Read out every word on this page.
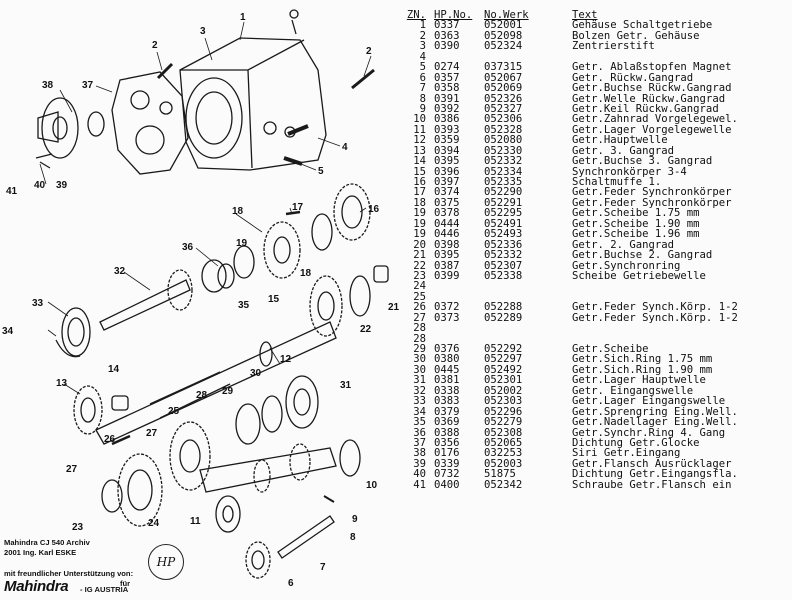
1
2
3
2
4
5
37
38
41
40 39
17	16
18
36	19
35
32
33
34
15
18
21
22
12
13
14	30
31
28 29
26
25
27
27
23	24
10
11	9
8
7
6
Mahindra CJ 540 Archiv
2001 Ing. Karl ESKE
mit freundlicher Unterstützung von:
für
Mahindra - IG AUSTRIA
HP
ZN. HP.No.	No.Werk	Text
1 0337	052001	Gehäuse Schaltgetriebe
2 0363	052098	Bolzen Getr. Gehäuse
3 0390	052324	Zentrierstift
4
5 0274	037315	Getr. Ablaßstopfen Magnet
6 0357	052067	Getr. Rückw.Gangrad
7 0358	052069	Getr.Buchse Rückw.Gangrad
8 0391	052326	Getr.Welle Rückw.Gangrad
9 0392	052327	Getr.Keil Rückw.Gangrad
10 0386	052306	Getr.Zahnrad Vorgelegewel.
11 0393	052328	Getr.Lager Vorgelegewelle
12 0359	052080	Getr.Hauptwelle
13 0394	052330	Getr. 3. Gangrad
14 0395	052332	Getr.Buchse 3. Gangrad
15 0396	052334	Synchronkörper 3-4
16 0397	052335	Schaltmuffe 1.
17 0374	052290	Getr.Feder Synchronkörper
18 0375	052291	Getr.Feder Synchronkörper
19 0378	052295	Getr.Scheibe 1.75 mm
19 0444	052491	Getr.Scheibe 1.90 mm
19 0446	052493	Getr.Scheibe 1.96 mm
20 0398	052336	Getr. 2. Gangrad
21 0395	052332	Getr.Buchse 2. Gangrad
22 0387	052307	Getr.Synchronring
23 0399	052338	Scheibe Getriebewelle
24
25
26 0372	052288	Getr.Feder Synch.Körp. 1-2
27 0373	052289	Getr.Feder Synch.Körp. 1-2
28
28
29 0376	052292	Getr.Scheibe
30 0380	052297	Getr.Sich.Ring 1.75 mm
30 0445	052492	Getr.Sich.Ring 1.90 mm
31 0381	052301	Getr.Lager Hauptwelle
32 0338	052002	Getr. Eingangswelle
33 0383	052303	Getr.Lager Eingangswelle
34 0379	052296	Getr.Sprengring Eing.Well.
35 0369	052279	Getr.Nadellager Eing.Well.
36 0388	052308	Getr.Synchr.Ring 4. Gang
37 0356	052065	Dichtung Getr.Glocke
38 0176	032253	Siri Getr.Eingang
39 0339	052003	Getr.Flansch Ausrücklager
40 0732	51875	Dichtung Getr.Eingangsfla.
41 0400	052342	Schraube Getr.Flansch ein
